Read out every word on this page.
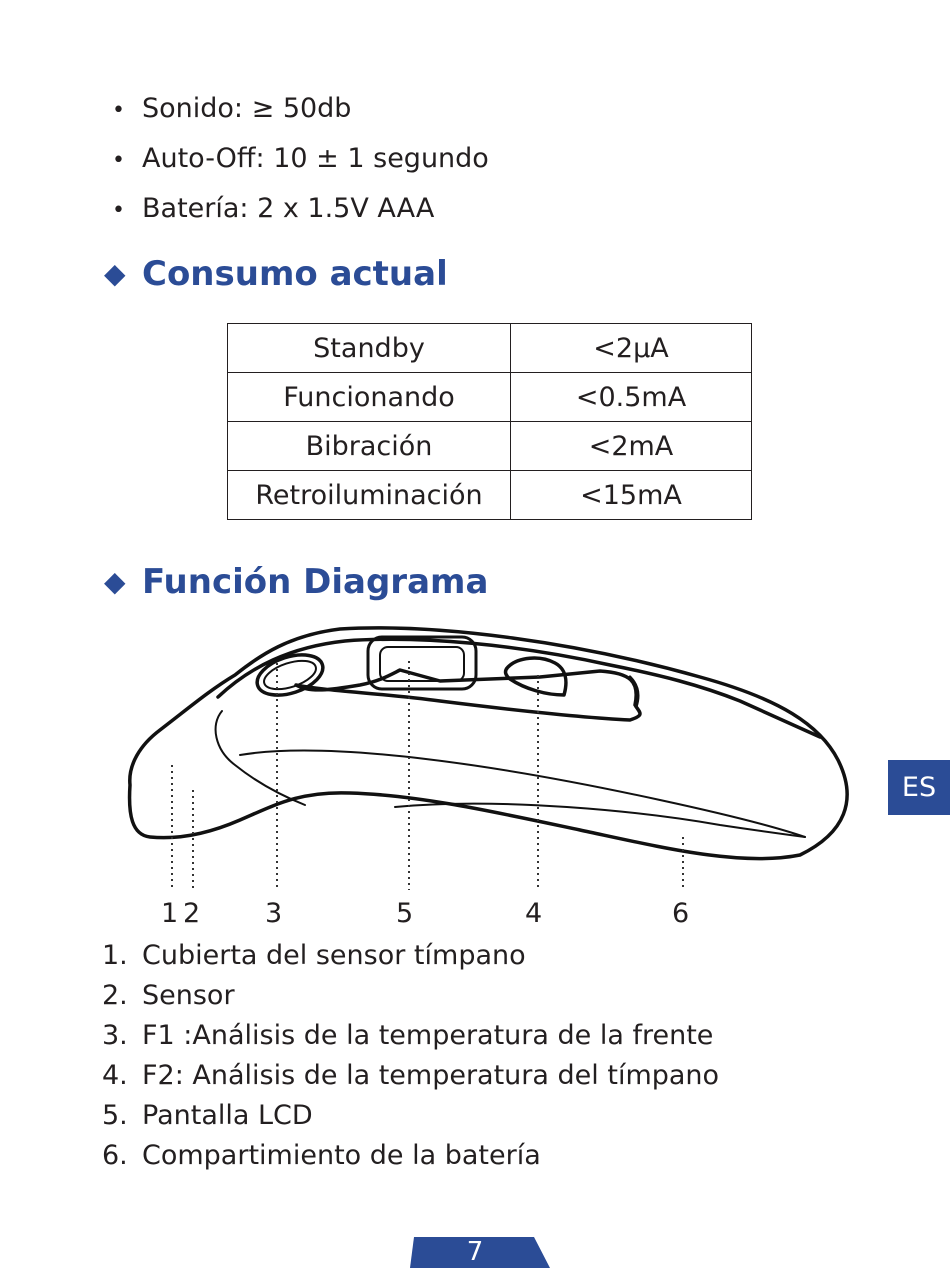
• Sonido: ≥ 50db
• Auto-Off: 10 ± 1 segundo
• Batería: 2 x 1.5V AAA
◆ Consumo actual
Standby	<2μA
Funcionando	<0.5mA
Bibración	<2mA
Retroiluminación	<15mA
◆ Función Diagrama
1 2 3	5	4	6
1. Cubierta del sensor tímpano
2. Sensor
3. F1 :Análisis de la temperatura de la frente
4. F2: Análisis de la temperatura del tímpano
5. Pantalla LCD
6. Compartimiento de la batería
ES
7
